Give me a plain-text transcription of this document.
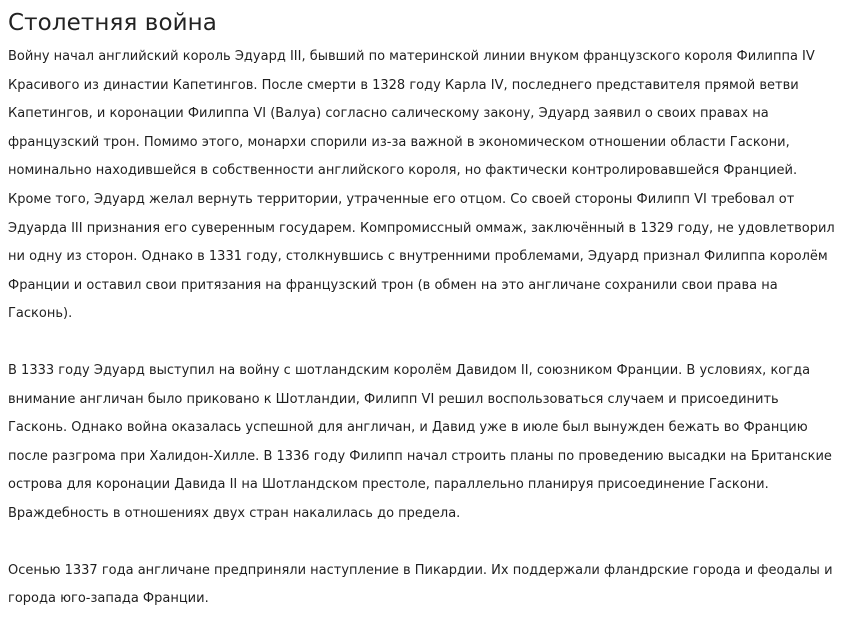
Столетняя война

Войну начал английский король Эдуард III, бывший по материнской линии внуком французского короля Филиппа IV Красивого из династии Капетингов. После смерти в 1328 году Карла IV, последнего представителя прямой ветви Капетингов, и коронации Филиппа VI (Валуа) согласно салическому закону, Эдуард заявил о своих правах на французский трон. Помимо этого, монархи спорили из-за важной в экономическом отношении области Гаскони, номинально находившейся в собственности английского короля, но фактически контролировавшейся Францией. Кроме того, Эдуард желал вернуть территории, утраченные его отцом. Со своей стороны Филипп VI требовал от Эдуарда III признания его суверенным государем. Компромиссный оммаж, заключённый в 1329 году, не удовлетворил ни одну из сторон. Однако в 1331 году, столкнувшись с внутренними проблемами, Эдуард признал Филиппа королём Франции и оставил свои притязания на французский трон (в обмен на это англичане сохранили свои права на Гасконь).

В 1333 году Эдуард выступил на войну с шотландским королём Давидом II, союзником Франции. В условиях, когда внимание англичан было приковано к Шотландии, Филипп VI решил воспользоваться случаем и присоединить Гасконь. Однако война оказалась успешной для англичан, и Давид уже в июле был вынужден бежать во Францию после разгрома при Халидон-Хилле. В 1336 году Филипп начал строить планы по проведению высадки на Британские острова для коронации Давида II на Шотландском престоле, параллельно планируя присоединение Гаскони. Враждебность в отношениях двух стран накалилась до предела.

Осенью 1337 года англичане предприняли наступление в Пикардии. Их поддержали фландрские города и феодалы и города юго-запада Франции.
